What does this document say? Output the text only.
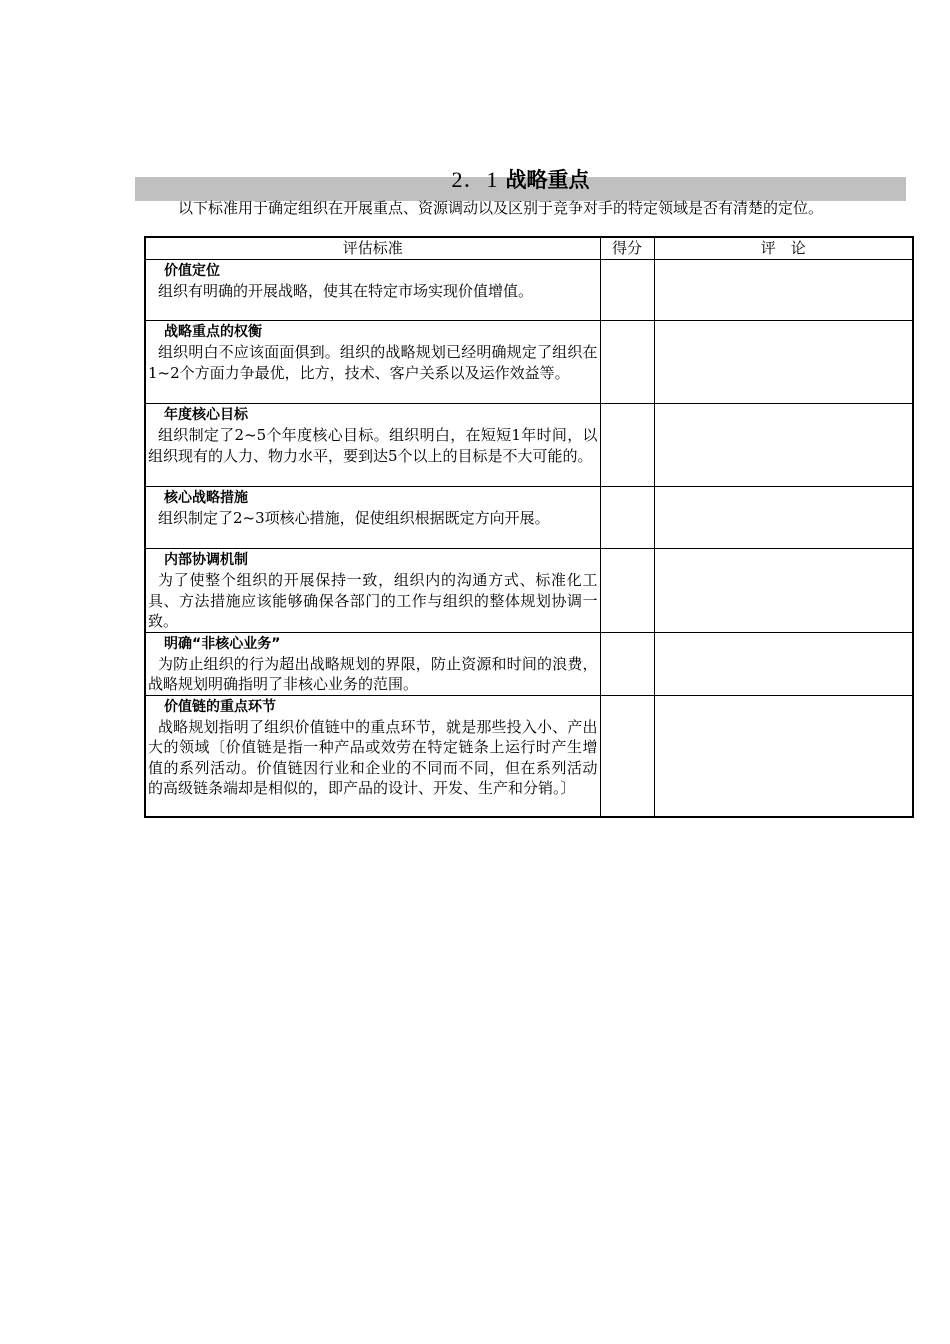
2．1 战略重点

以下标准用于确定组织在开展重点、资源调动以及区别于竞争对手的特定领域是否有清楚的定位。

评估标准	得分	评　论

价值定位

组织有明确的开展战略，使其在特定市场实现价值增值。		

战略重点的权衡

组织明白不应该面面俱到。组织的战略规划已经明确规定了组织在1~2个方面力争最优，比方，技术、客户关系以及运作效益等。		

年度核心目标

组织制定了2~5个年度核心目标。组织明白，在短短1年时间，以组织现有的人力、物力水平，要到达5个以上的目标是不大可能的。		

核心战略措施

组织制定了2~3项核心措施，促使组织根据既定方向开展。		

内部协调机制

为了使整个组织的开展保持一致，组织内的沟通方式、标准化工具、方法措施应该能够确保各部门的工作与组织的整体规划协调一致。		

明确“非核心业务”

为防止组织的行为超出战略规划的界限，防止资源和时间的浪费，战略规划明确指明了非核心业务的范围。		

价值链的重点环节

战略规划指明了组织价值链中的重点环节，就是那些投入小、产出大的领域〔价值链是指一种产品或效劳在特定链条上运行时产生增值的系列活动。价值链因行业和企业的不同而不同，但在系列活动的高级链条端却是相似的，即产品的设计、开发、生产和分销。〕		
